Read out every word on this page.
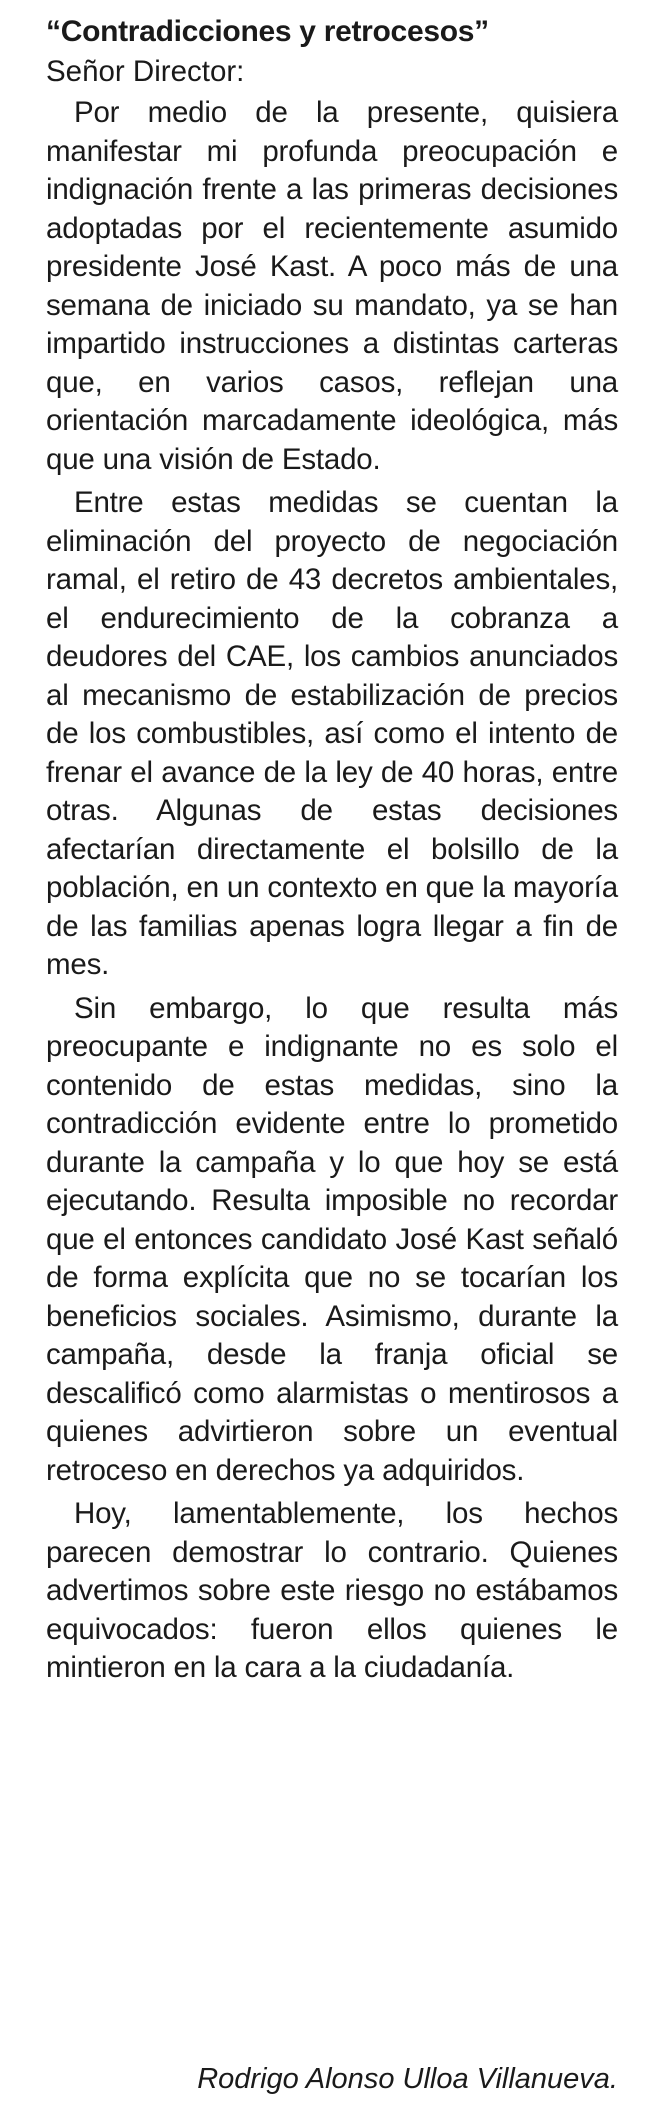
“Contradicciones y retrocesos”

Señor Director:

Por medio de la presente, quisiera manifestar mi profunda preocupación e indignación frente a las primeras decisiones adoptadas por el recientemente asumido presidente José Kast. A poco más de una semana de iniciado su mandato, ya se han impartido instrucciones a distintas carteras que, en varios casos, reflejan una orientación marcadamente ideológica, más que una visión de Estado.

Entre estas medidas se cuentan la eliminación del proyecto de negociación ramal, el retiro de 43 decretos ambientales, el endurecimiento de la cobranza a deudores del CAE, los cambios anunciados al mecanismo de estabilización de precios de los combustibles, así como el intento de frenar el avance de la ley de 40 horas, entre otras. Algunas de estas decisiones afectarían directamente el bolsillo de la población, en un contexto en que la mayoría de las familias apenas logra llegar a fin de mes.

Sin embargo, lo que resulta más preocupante e indignante no es solo el contenido de estas medidas, sino la contradicción evidente entre lo prometido durante la campaña y lo que hoy se está ejecutando. Resulta imposible no recordar que el entonces candidato José Kast señaló de forma explícita que no se tocarían los beneficios sociales. Asimismo, durante la campaña, desde la franja oficial se descalificó como alarmistas o mentirosos a quienes advirtieron sobre un eventual retroceso en derechos ya adquiridos.

Hoy, lamentablemente, los hechos parecen demostrar lo contrario. Quienes advertimos sobre este riesgo no estábamos equivocados: fueron ellos quienes le mintieron en la cara a la ciudadanía.

Rodrigo Alonso Ulloa Villanueva.
